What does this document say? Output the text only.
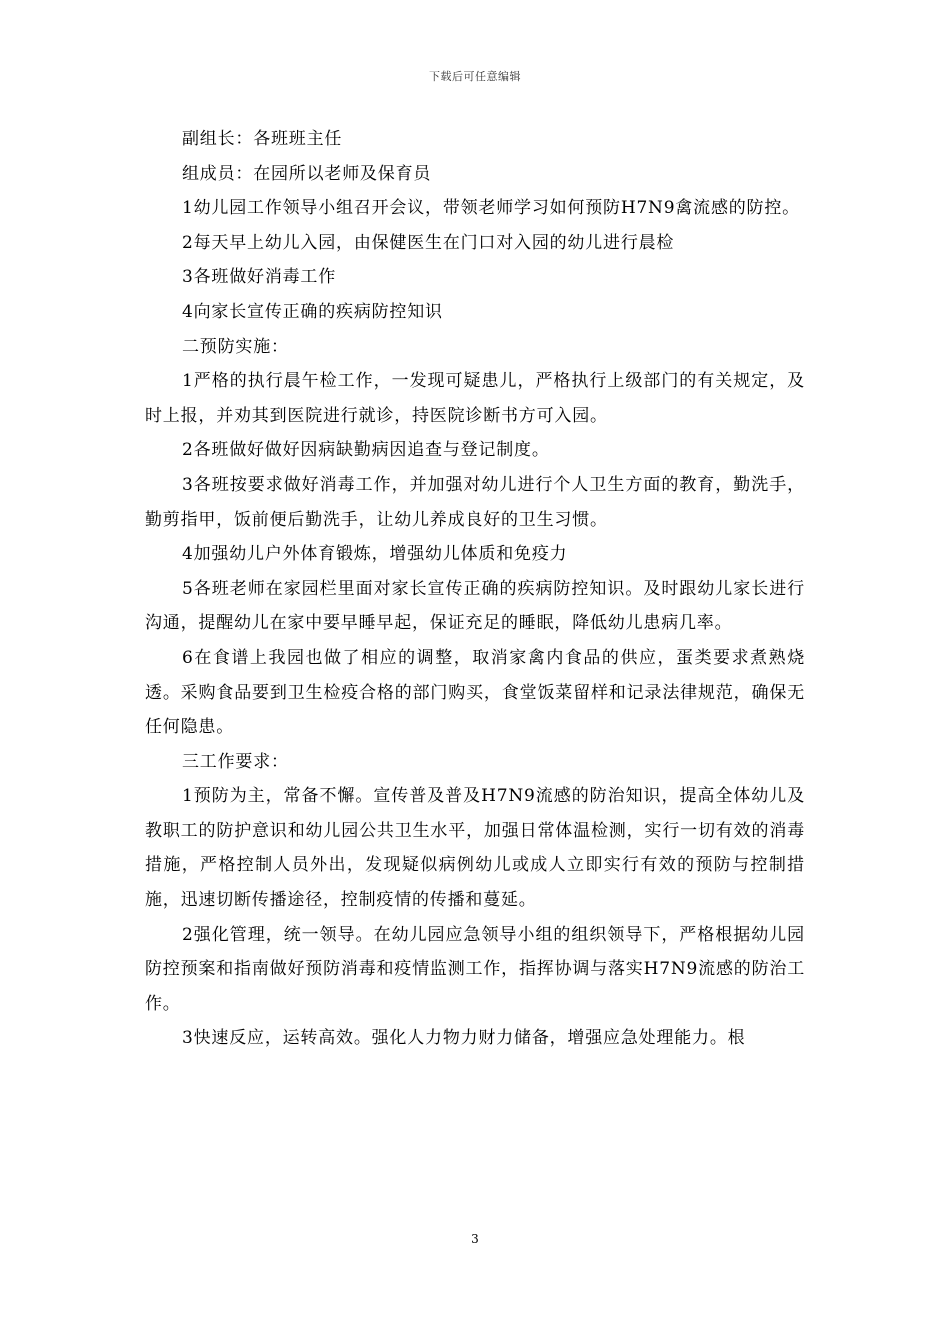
下载后可任意编辑

副组长：各班班主任

组成员：在园所以老师及保育员

1幼儿园工作领导小组召开会议，带领老师学习如何预防H7N9禽流感的防控。

2每天早上幼儿入园，由保健医生在门口对入园的幼儿进行晨检

3各班做好消毒工作

4向家长宣传正确的疾病防控知识

二预防实施：

1严格的执行晨午检工作，一发现可疑患儿，严格执行上级部门的有关规定，及时上报，并劝其到医院进行就诊，持医院诊断书方可入园。

2各班做好做好因病缺勤病因追查与登记制度。

3各班按要求做好消毒工作，并加强对幼儿进行个人卫生方面的教育，勤洗手，勤剪指甲，饭前便后勤洗手，让幼儿养成良好的卫生习惯。

4加强幼儿户外体育锻炼，增强幼儿体质和免疫力

5各班老师在家园栏里面对家长宣传正确的疾病防控知识。及时跟幼儿家长进行沟通，提醒幼儿在家中要早睡早起，保证充足的睡眠，降低幼儿患病几率。

6在食谱上我园也做了相应的调整，取消家禽内食品的供应，蛋类要求煮熟烧透。采购食品要到卫生检疫合格的部门购买，食堂饭菜留样和记录法律规范，确保无任何隐患。

三工作要求：

1预防为主，常备不懈。宣传普及普及H7N9流感的防治知识，提高全体幼儿及教职工的防护意识和幼儿园公共卫生水平，加强日常体温检测，实行一切有效的消毒措施，严格控制人员外出，发现疑似病例幼儿或成人立即实行有效的预防与控制措施，迅速切断传播途径，控制疫情的传播和蔓延。

2强化管理，统一领导。在幼儿园应急领导小组的组织领导下，严格根据幼儿园防控预案和指南做好预防消毒和疫情监测工作，指挥协调与落实H7N9流感的防治工作。

3快速反应，运转高效。强化人力物力财力储备，增强应急处理能力。根

3
